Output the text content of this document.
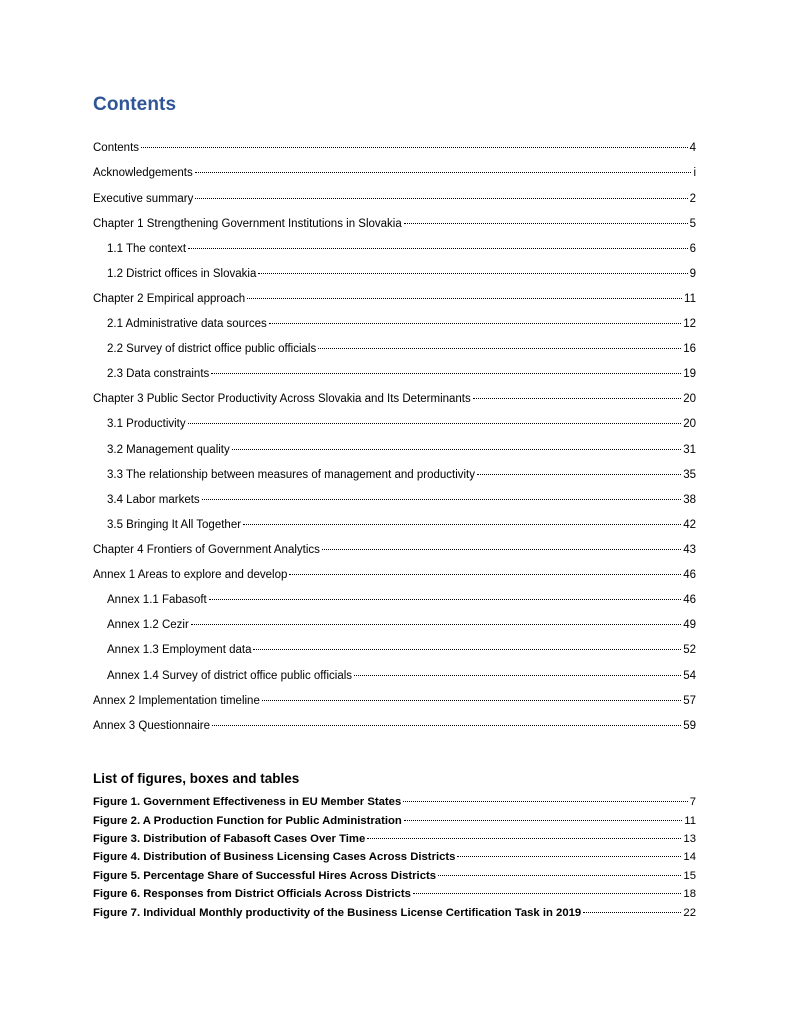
Contents
Contents	4
Acknowledgements	i
Executive summary	2
Chapter 1 Strengthening Government Institutions in Slovakia	5
1.1 The context	6
1.2 District offices in Slovakia	9
Chapter 2 Empirical approach	11
2.1 Administrative data sources	12
2.2 Survey of district office public officials	16
2.3 Data constraints	19
Chapter 3 Public Sector Productivity Across Slovakia and Its Determinants	20
3.1 Productivity	20
3.2 Management quality	31
3.3 The relationship between measures of management and productivity	35
3.4 Labor markets	38
3.5 Bringing It All Together	42
Chapter 4 Frontiers of Government Analytics	43
Annex 1 Areas to explore and develop	46
Annex 1.1 Fabasoft	46
Annex 1.2 Cezir	49
Annex 1.3 Employment data	52
Annex 1.4 Survey of district office public officials	54
Annex 2 Implementation timeline	57
Annex 3 Questionnaire	59
List of figures, boxes and tables
Figure 1. Government Effectiveness in EU Member States	7
Figure 2. A Production Function for Public Administration	11
Figure 3. Distribution of Fabasoft Cases Over Time	13
Figure 4. Distribution of Business Licensing Cases Across Districts	14
Figure 5. Percentage Share of Successful Hires Across Districts	15
Figure 6. Responses from District Officials Across Districts	18
Figure 7. Individual Monthly productivity of the Business License Certification Task in 2019	22
